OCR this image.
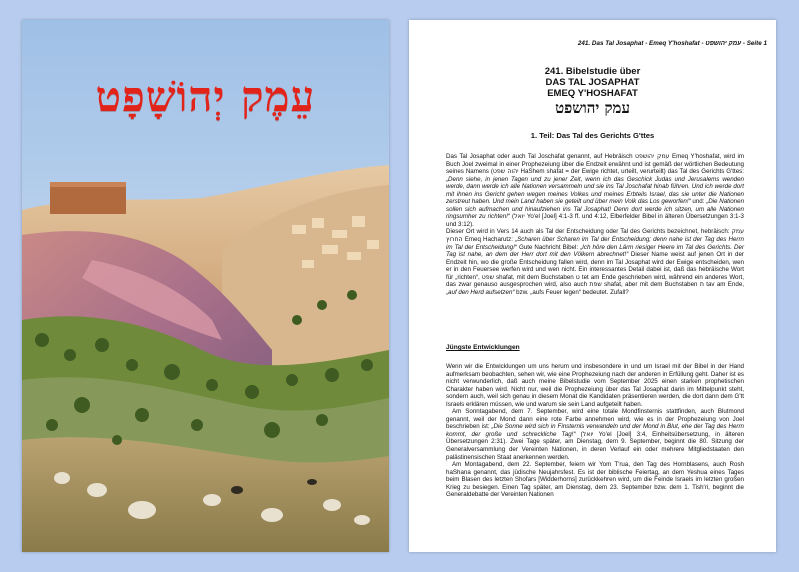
עֵמֶק יְהוֹשָׁפָט
241. Das Tal Josaphat - Emeq Y'hoshafat - עמק יהושפט - Seite 1
241. Bibelstudie über
DAS TAL JOSAPHAT
EMEQ Y'HOSHAFAT
עמק יהושפט
1. Teil: Das Tal des Gerichts G'ttes

Das Tal Josaphat oder auch Tal Joschafat genannt, auf Hebräisch עמק יהושפט Emeq Y'hoshafat, wird im Buch Joel zweimal in einer Prophezeiung über die Endzeit erwähnt und ist gemäß der wörtlichen Bedeutung seines Namens (יהוה שפט HaShem shafat = der Ewige richtet, urteilt, verurteilt) das Tal des Gerichts G'ttes: „Denn siehe, in jenen Tagen und zu jener Zeit, wenn ich das Geschick Judas und Jerusalems wenden werde, dann werde ich alle Nationen versammeln und sie ins Tal Joschafat hinab führen. Und ich werde dort mit ihnen ins Gericht gehen wegen meines Volkes und meines Erbteils Israel, das sie unter die Nationen zerstreut haben. Und mein Land haben sie geteilt und über mein Volk das Los geworfen!“ und: „Die Nationen sollen sich aufmachen und hinaufziehen ins Tal Josaphat! Denn dort werde ich sitzen, um alle Nationen ringsumher zu richten!“ (יואל Yo'el [Joel] 4:1-3 ff. und 4:12, Elberfelder Bibel in älteren Übersetzungen 3:1-3 und 3:12).
Dieser Ort wird in Vers 14 auch als Tal der Entscheidung oder Tal des Gerichts bezeichnet, hebräisch: עמק החרוץ Emeq Hacharutz: „Scharen über Scharen im Tal der Entscheidung; denn nahe ist der Tag des Herrn im Tal der Entscheidung!“ Gute Nachricht Bibel: „Ich höre den Lärm riesiger Heere im Tal des Gerichts. Der Tag ist nahe, an dem der Herr dort mit den Völkern abrechnet!“ Dieser Name weist auf jenen Ort in der Endzeit hin, wo die große Entscheidung fallen wird, denn im Tal Josaphat wird der Ewige entscheiden, wen er in den Feuersee werfen wird und wen nicht. Ein interessantes Detail dabei ist, daß das hebräische Wort für „richten“, שפט shafat, mit dem Buchstaben ט tet am Ende geschrieben wird, während ein anderes Wort, das zwar genauso ausgesprochen wird, also auch שפת shafat, aber mit dem Buchstaben ת tav am Ende, „auf den Herd aufsetzen“ bzw. „aufs Feuer legen“ bedeutet. Zufall?

Jüngste Entwicklungen

Wenn wir die Entwicklungen um uns herum und insbesondere in und um Israel mit der Bibel in der Hand aufmerksam beobachten, sehen wir, wie eine Prophezeiung nach der anderen in Erfüllung geht. Daher ist es nicht verwunderlich, daß auch meine Bibelstudie vom September 2025 einen starken prophetischen Charakter haben wird. Nicht nur, weil die Prophezeiung über das Tal Josaphat darin im Mittelpunkt steht, sondern auch, weil sich genau in diesem Monat die Kandidaten präsentieren werden, die dort dann dem G'tt Israels erklären müssen, wie und warum sie sein Land aufgeteilt haben.

Am Sonntagabend, dem 7. September, wird eine totale Mondfinsternis stattfinden, auch Blutmond genannt, weil der Mond dann eine rote Farbe annehmen wird, wie es in der Prophezeiung von Joel beschrieben ist: „Die Sonne wird sich in Finsternis verwandeln und der Mond in Blut, ehe der Tag des Herrn kommt, der große und schreckliche Tag!“ (יואל Yo'el [Joel] 3:4, Einheitsübersetzung, in älteren Übersetzungen 2:31). Zwei Tage später, am Dienstag, dem 9. September, beginnt die 80. Sitzung der Generalversammlung der Vereinten Nationen, in deren Verlauf ein oder mehrere Mitgliedstaaten den palästinensischen Staat anerkennen werden.

Am Montagabend, dem 22. September, feiern wir Yom T'rua, den Tag des Hornblasens, auch Rosh haShana genannt, das jüdische Neujahrsfest. Es ist der biblische Feiertag, an dem Yeshua eines Tages beim Blasen des letzten Shofars [Widderhorns] zurückkehren wird, um die Feinde Israels im letzten großen Krieg zu besiegen. Einen Tag später, am Dienstag, dem 23. September bzw. dem 1. Tish'ri, beginnt die Generaldebatte der Vereinten Nationen
